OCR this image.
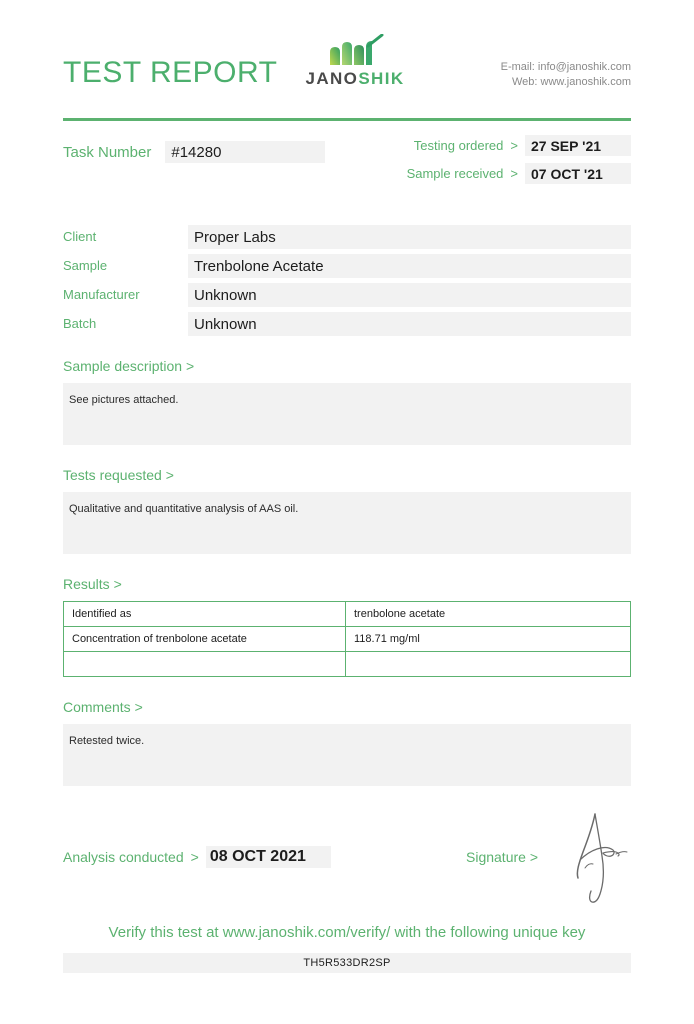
TEST REPORT	JANOSHIK
E-mail: info@janoshik.com
Web: www.janoshik.com
Task Number	#14280	Testing ordered > 27 SEP '21
Sample received > 07 OCT '21
Client	Proper Labs
Sample	Trenbolone Acetate
Manufacturer	Unknown
Batch	Unknown
Sample description >
See pictures attached.
Tests requested >
Qualitative and quantitative analysis of AAS oil.
Results >
Identified as	trenbolone acetate
Concentration of trenbolone acetate	118.71 mg/ml

Comments >
Retested twice.
Analysis conducted > 08 OCT 2021	Signature >
Verify this test at www.janoshik.com/verify/ with the following unique key
TH5R533DR2SP
